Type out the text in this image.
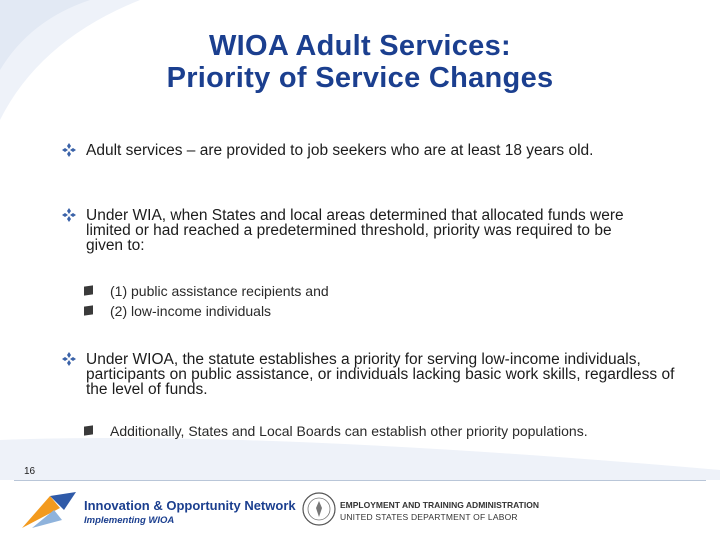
WIOA Adult Services:
Priority of Service Changes
Adult services – are provided to job seekers who are at least 18 years old.
Under WIA, when States and local areas determined that allocated funds were limited or had reached a predetermined threshold, priority was required to be given to:
(1) public assistance recipients and
(2) low-income individuals
Under WIOA, the statute establishes a priority for serving low-income individuals, participants on public assistance, or individuals lacking basic work skills, regardless of the level of funds.
Additionally, States and Local Boards can establish other priority populations.
16
Innovation & Opportunity Network
Implementing WIOA
EMPLOYMENT AND TRAINING ADMINISTRATION
UNITED STATES DEPARTMENT OF LABOR
